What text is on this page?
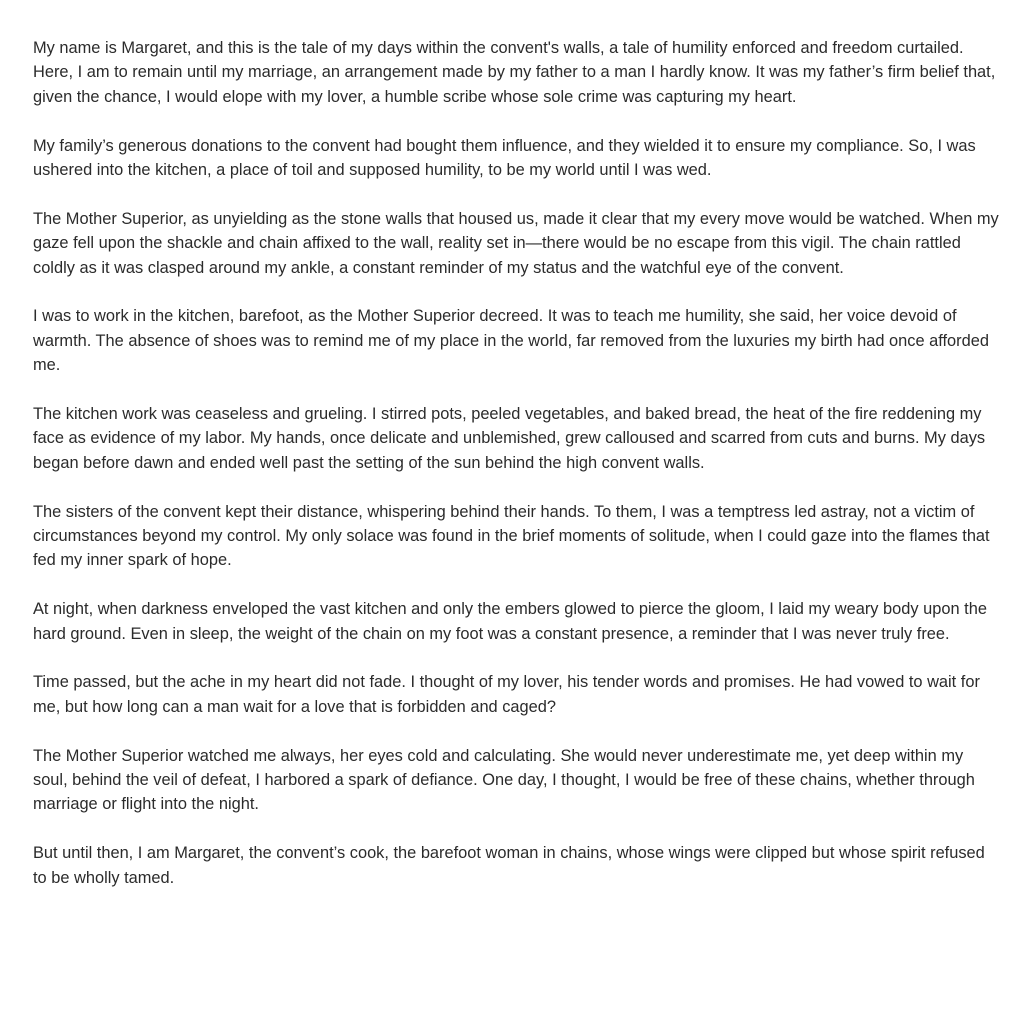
My name is Margaret, and this is the tale of my days within the convent's walls, a tale of humility enforced and freedom curtailed. Here, I am to remain until my marriage, an arrangement made by my father to a man I hardly know. It was my father’s firm belief that, given the chance, I would elope with my lover, a humble scribe whose sole crime was capturing my heart.

My family’s generous donations to the convent had bought them influence, and they wielded it to ensure my compliance. So, I was ushered into the kitchen, a place of toil and supposed humility, to be my world until I was wed.

The Mother Superior, as unyielding as the stone walls that housed us, made it clear that my every move would be watched. When my gaze fell upon the shackle and chain affixed to the wall, reality set in—there would be no escape from this vigil. The chain rattled coldly as it was clasped around my ankle, a constant reminder of my status and the watchful eye of the convent.

I was to work in the kitchen, barefoot, as the Mother Superior decreed. It was to teach me humility, she said, her voice devoid of warmth. The absence of shoes was to remind me of my place in the world, far removed from the luxuries my birth had once afforded me.

The kitchen work was ceaseless and grueling. I stirred pots, peeled vegetables, and baked bread, the heat of the fire reddening my face as evidence of my labor. My hands, once delicate and unblemished, grew calloused and scarred from cuts and burns. My days began before dawn and ended well past the setting of the sun behind the high convent walls.

The sisters of the convent kept their distance, whispering behind their hands. To them, I was a temptress led astray, not a victim of circumstances beyond my control. My only solace was found in the brief moments of solitude, when I could gaze into the flames that fed my inner spark of hope.

At night, when darkness enveloped the vast kitchen and only the embers glowed to pierce the gloom, I laid my weary body upon the hard ground. Even in sleep, the weight of the chain on my foot was a constant presence, a reminder that I was never truly free.

Time passed, but the ache in my heart did not fade. I thought of my lover, his tender words and promises. He had vowed to wait for me, but how long can a man wait for a love that is forbidden and caged?

The Mother Superior watched me always, her eyes cold and calculating. She would never underestimate me, yet deep within my soul, behind the veil of defeat, I harbored a spark of defiance. One day, I thought, I would be free of these chains, whether through marriage or flight into the night.

But until then, I am Margaret, the convent’s cook, the barefoot woman in chains, whose wings were clipped but whose spirit refused to be wholly tamed.
